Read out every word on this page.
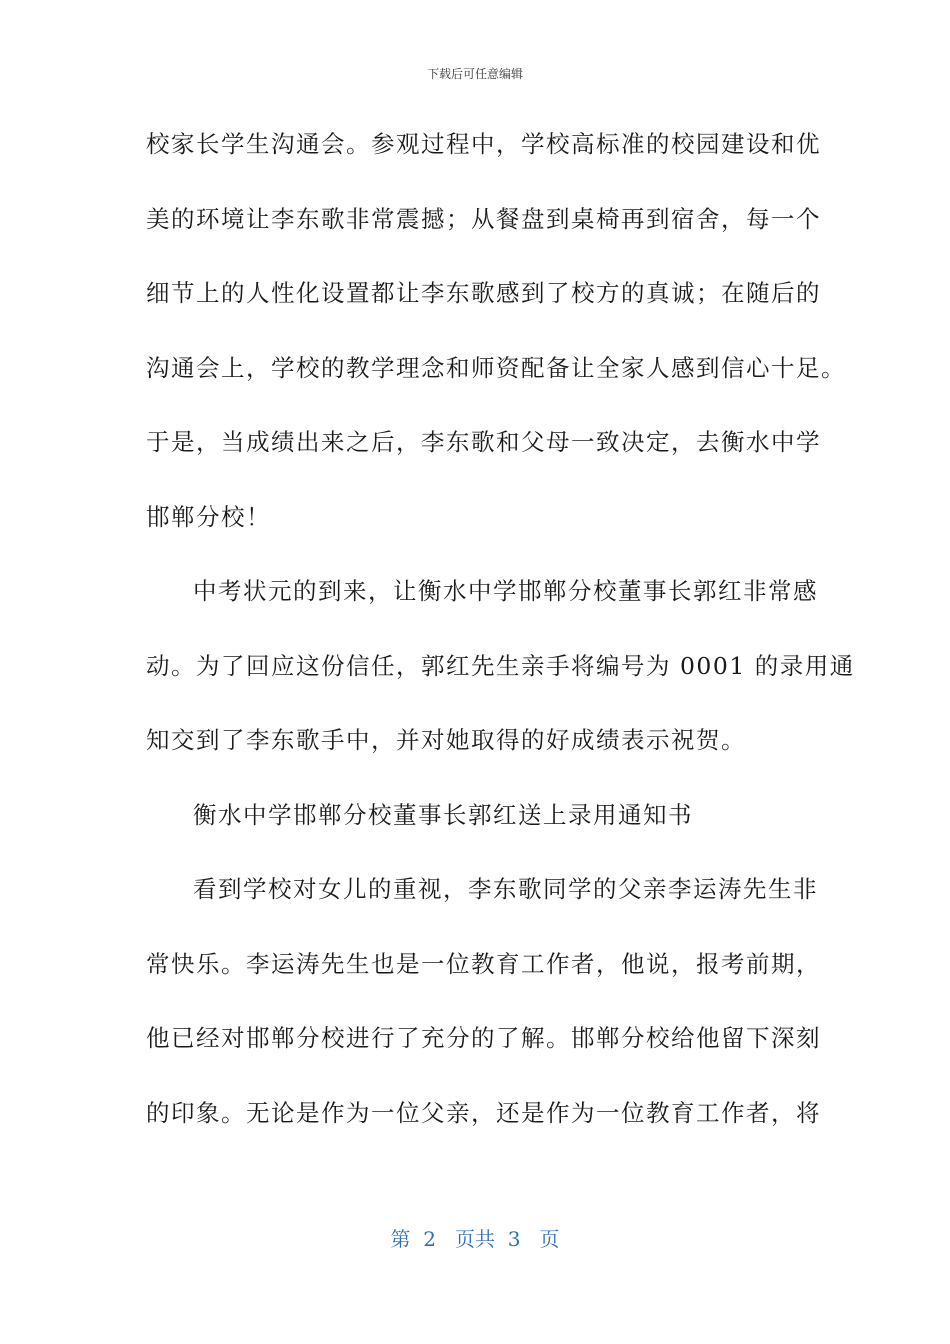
下载后可任意编辑
校家长学生沟通会。参观过程中，学校高标准的校园建设和优
美的环境让李东歌非常震撼；从餐盘到桌椅再到宿舍，每一个
细节上的人性化设置都让李东歌感到了校方的真诚；在随后的
沟通会上，学校的教学理念和师资配备让全家人感到信心十足。
于是，当成绩出来之后，李东歌和父母一致决定，去衡水中学
邯郸分校！
中考状元的到来，让衡水中学邯郸分校董事长郭红非常感
动。为了回应这份信任，郭红先生亲手将编号为 0001 的录用通
知交到了李东歌手中，并对她取得的好成绩表示祝贺。
衡水中学邯郸分校董事长郭红送上录用通知书
看到学校对女儿的重视，李东歌同学的父亲李运涛先生非
常快乐。李运涛先生也是一位教育工作者，他说，报考前期，
他已经对邯郸分校进行了充分的了解。邯郸分校给他留下深刻
的印象。无论是作为一位父亲，还是作为一位教育工作者，将
第  2   页共  3   页
